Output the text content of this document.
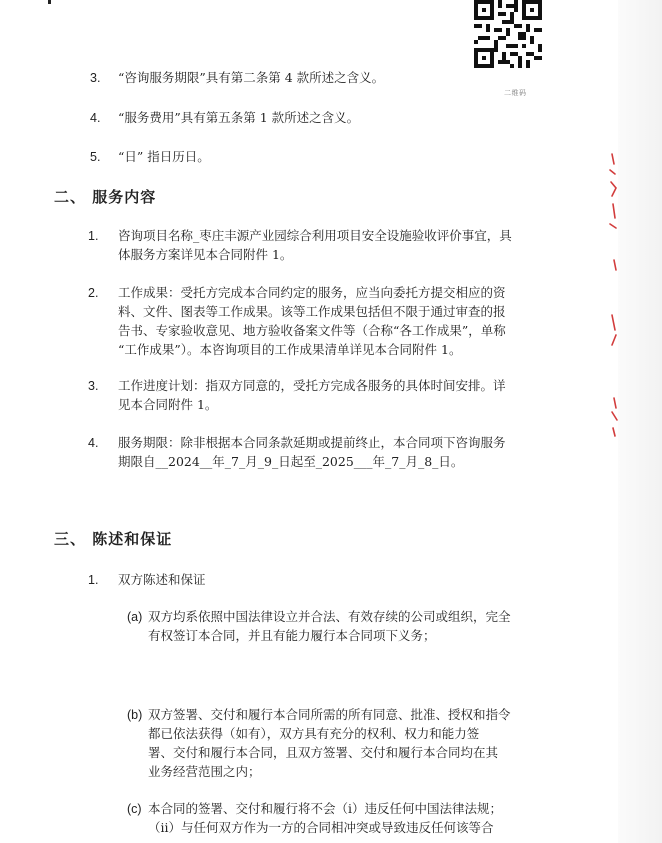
二维码
3. “咨询服务期限”具有第二条第 4 款所述之含义。
4. “服务费用”具有第五条第 1 款所述之含义。
5. “日” 指日历日。
二、 服务内容
1. 咨询项目名称_枣庄丰源产业园综合利用项目安全设施验收评价事宜，具
体服务方案详见本合同附件 1。
2. 工作成果：受托方完成本合同约定的服务，应当向委托方提交相应的资
料、文件、图表等工作成果。该等工作成果包括但不限于通过审查的报
告书、专家验收意见、地方验收备案文件等（合称“各工作成果”，单称
“工作成果”）。本咨询项目的工作成果清单详见本合同附件 1。
3. 工作进度计划：指双方同意的，受托方完成各服务的具体时间安排。详
见本合同附件 1。
4. 服务期限：除非根据本合同条款延期或提前终止，本合同项下咨询服务
期限自__2024__年_7_月_9_日起至_2025___年_7_月_8_日。
三、 陈述和保证
1. 双方陈述和保证
(a) 双方均系依照中国法律设立并合法、有效存续的公司或组织，完全
有权签订本合同，并且有能力履行本合同项下义务；
(b) 双方签署、交付和履行本合同所需的所有同意、批准、授权和指令
都已依法获得（如有），双方具有充分的权利、权力和能力签
署、交付和履行本合同，且双方签署、交付和履行本合同均在其
业务经营范围之内；
(c) 本合同的签署、交付和履行将不会（i）违反任何中国法律法规；
（ii）与任何双方作为一方的合同相冲突或导致违反任何该等合
